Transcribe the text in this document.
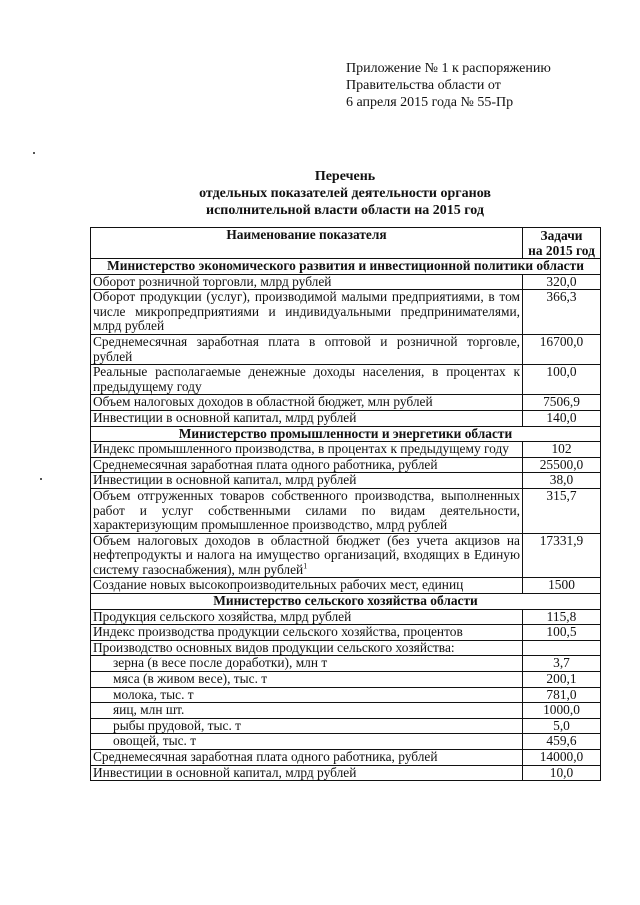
Приложение № 1 к распоряжению
Правительства области от
6 апреля 2015 года № 55-Пр
Перечень
отдельных показателей деятельности органов
исполнительной власти области на 2015 год
Наименование показателя	Задачи
на 2015 год
Министерство экономического развития и инвестиционной политики области	
Оборот розничной торговли, млрд рублей	320,0
Оборот продукции (услуг), производимой малыми предприятиями, в том числе микропредприятиями и индивидуальными предпринимателями, млрд рублей	366,3
Среднемесячная заработная плата в оптовой и розничной торговле, рублей	16700,0
Реальные располагаемые денежные доходы населения, в процентах к предыдущему году	100,0
Объем налоговых доходов в областной бюджет, млн рублей	7506,9
Инвестиции в основной капитал, млрд рублей	140,0
Министерство промышленности и энергетики области	
Индекс промышленного производства, в процентах к предыдущему году	102
Среднемесячная заработная плата одного работника, рублей	25500,0
Инвестиции в основной капитал, млрд рублей	38,0
Объем отгруженных товаров собственного производства, выполненных работ и услуг собственными силами по видам деятельности, характеризующим промышленное производство, млрд рублей	315,7
Объем налоговых доходов в областной бюджет (без учета акцизов на нефтепродукты и налога на имущество организаций, входящих в Единую систему газоснабжения), млн рублей$^1$	17331,9
Создание новых высокопроизводительных рабочих мест, единиц	1500
Министерство сельского хозяйства области	
Продукция сельского хозяйства, млрд рублей	115,8
Индекс производства продукции сельского хозяйства, процентов	100,5
Производство основных видов продукции сельского хозяйства:	
зерна (в весе после доработки), млн т	3,7
мяса (в живом весе), тыс. т	200,1
молока, тыс. т	781,0
яиц, млн шт.	1000,0
рыбы прудовой, тыс. т	5,0
овощей, тыс. т	459,6
Среднемесячная заработная плата одного работника, рублей	14000,0
Инвестиции в основной капитал, млрд рублей	10,0
